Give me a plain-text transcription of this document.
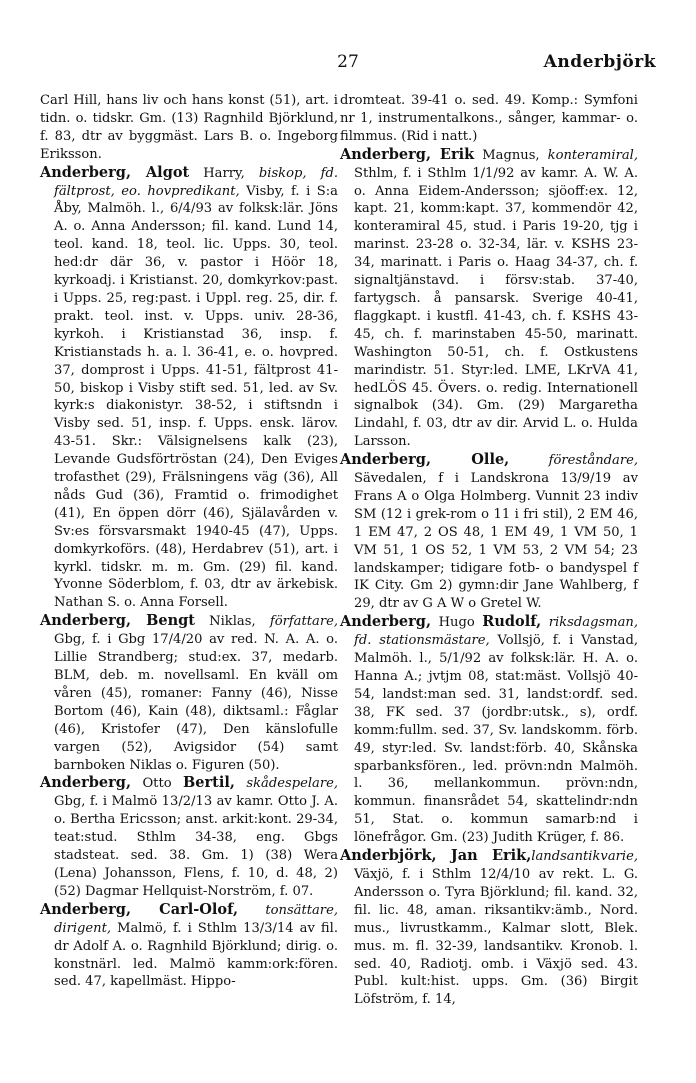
27	Anderbjörk

Carl Hill, hans liv och hans konst (51), art. i tidn. o. tidskr. Gm. (13) Ragnhild Björklund, f. 83, dtr av byggmäst. Lars B. o. Ingeborg Eriksson.

Anderberg, Algot Harry, biskop, fd. fältprost, eo. hovpredikant, Visby, f. i S:a Åby, Malmöh. l., 6/4/93 av folksk:lär. Jöns A. o. Anna Andersson; fil. kand. Lund 14, teol. kand. 18, teol. lic. Upps. 30, teol. hed:dr där 36, v. pastor i Höör 18, kyrkoadj. i Kristianst. 20, domkyrkov:past. i Upps. 25, reg:past. i Uppl. reg. 25, dir. f. prakt. teol. inst. v. Upps. univ. 28-36, kyrkoh. i Kristianstad 36, insp. f. Kristianstads h. a. l. 36-41, e. o. hovpred. 37, domprost i Upps. 41-51, fältprost 41-50, biskop i Visby stift sed. 51, led. av Sv. kyrk:s diakonistyr. 38-52, i stiftsndn i Visby sed. 51, insp. f. Upps. ensk. lärov. 43-51. Skr.: Välsignelsens kalk (23), Levande Gudsförtröstan (24), Den Eviges trofasthet (29), Frälsningens väg (36), All nåds Gud (36), Framtid o. frimodighet (41), En öppen dörr (46), Själavården v. Sv:es försvarsmakt 1940-45 (47), Upps. domkyrkoförs. (48), Herdabrev (51), art. i kyrkl. tidskr. m. m. Gm. (29) fil. kand. Yvonne Söderblom, f. 03, dtr av ärkebisk. Nathan S. o. Anna Forsell.

Anderberg, Bengt Niklas, författare, Gbg, f. i Gbg 17/4/20 av red. N. A. A. o. Lillie Strandberg; stud:ex. 37, medarb. BLM, deb. m. novellsaml. En kväll om våren (45), romaner: Fanny (46), Nisse Bortom (46), Kain (48), diktsaml.: Fåglar (46), Kristofer (47), Den känslofulle vargen (52), Avigsidor (54) samt barnboken Niklas o. Figuren (50).

Anderberg, Otto Bertil, skådespelare, Gbg, f. i Malmö 13/2/13 av kamr. Otto J. A. o. Bertha Ericsson; anst. arkit:kont. 29-34, teat:stud. Sthlm 34-38, eng. Gbgs stadsteat. sed. 38. Gm. 1) (38) Wera (Lena) Johansson, Flens, f. 10, d. 48, 2) (52) Dagmar Hellquist-Norström, f. 07.

Anderberg, Carl-Olof, tonsättare, dirigent, Malmö, f. i Sthlm 13/3/14 av fil. dr Adolf A. o. Ragnhild Björklund; dirig. o. konstnärl. led. Malmö kamm:ork:fören. sed. 47, kapellmäst. Hippo-

dromteat. 39-41 o. sed. 49. Komp.: Symfoni nr 1, instrumentalkons., sånger, kammar- o. filmmus. (Rid i natt.)

Anderberg, Erik Magnus, konteramiral, Sthlm, f. i Sthlm 1/1/92 av kamr. A. W. A. o. Anna Eidem-Andersson; sjöoff:ex. 12, kapt. 21, komm:kapt. 37, kommendör 42, konteramiral 45, stud. i Paris 19-20, tjg i marinst. 23-28 o. 32-34, lär. v. KSHS 23-34, marinatt. i Paris o. Haag 34-37, ch. f. signaltjänstavd. i försv:stab. 37-40, fartygsch. å pansarsk. Sverige 40-41, flaggkapt. i kustfl. 41-43, ch. f. KSHS 43-45, ch. f. marinstaben 45-50, marinatt. Washington 50-51, ch. f. Ostkustens marindistr. 51. Styr:led. LME, LKrVA 41, hedLÖS 45. Övers. o. redig. Internationell signalbok (34). Gm. (29) Margaretha Lindahl, f. 03, dtr av dir. Arvid L. o. Hulda Larsson.

Anderberg, Olle,	föreståndare, Sävedalen, f i Landskrona 13/9/19 av Frans A o Olga Holmberg. Vunnit 23 indiv SM (12 i grek-rom o 11 i fri stil), 2 EM 46, 1 EM 47, 2 OS 48, 1 EM 49, 1 VM 50, 1 VM 51, 1 OS 52, 1 VM 53, 2 VM 54; 23 landskamper; tidigare fotb- o bandyspel f IK City. Gm 2) gymn:dir Jane Wahlberg, f 29, dtr av G A W o Gretel W.

Anderberg, Hugo Rudolf, riksdagsman, fd. stationsmästare, Vollsjö, f. i Vanstad, Malmöh. l., 5/1/92 av folksk:lär. H. A. o. Hanna A.; jvtjm 08, stat:mäst. Vollsjö 40-54, landst:man sed. 31, landst:ordf. sed. 38, FK sed. 37 (jordbr:utsk., s), ordf. komm:fullm. sed. 37, Sv. landskomm. förb. 49, styr:led. Sv. landst:förb. 40, Skånska sparbanksfören., led. prövn:ndn Malmöh. l. 36, mellankommun. prövn:ndn, kommun. finansrådet 54, skattelindr:ndn 51, Stat. o. kommun samarb:nd i lönefrågor. Gm. (23) Judith Krüger, f. 86.

Anderbjörk, Jan Erik,landsantikvarie, Växjö, f. i Sthlm 12/4/10 av rekt. L. G. Andersson o. Tyra Björklund; fil. kand. 32, fil. lic. 48, aman. riksantikv:ämb., Nord. mus., livrustkamm., Kalmar slott, Blek. mus. m. fl. 32-39, landsantikv. Kronob. l. sed. 40, Radiotj. omb. i Växjö sed. 43. Publ. kult:hist. upps. Gm. (36) Birgit Löfström, f. 14,
